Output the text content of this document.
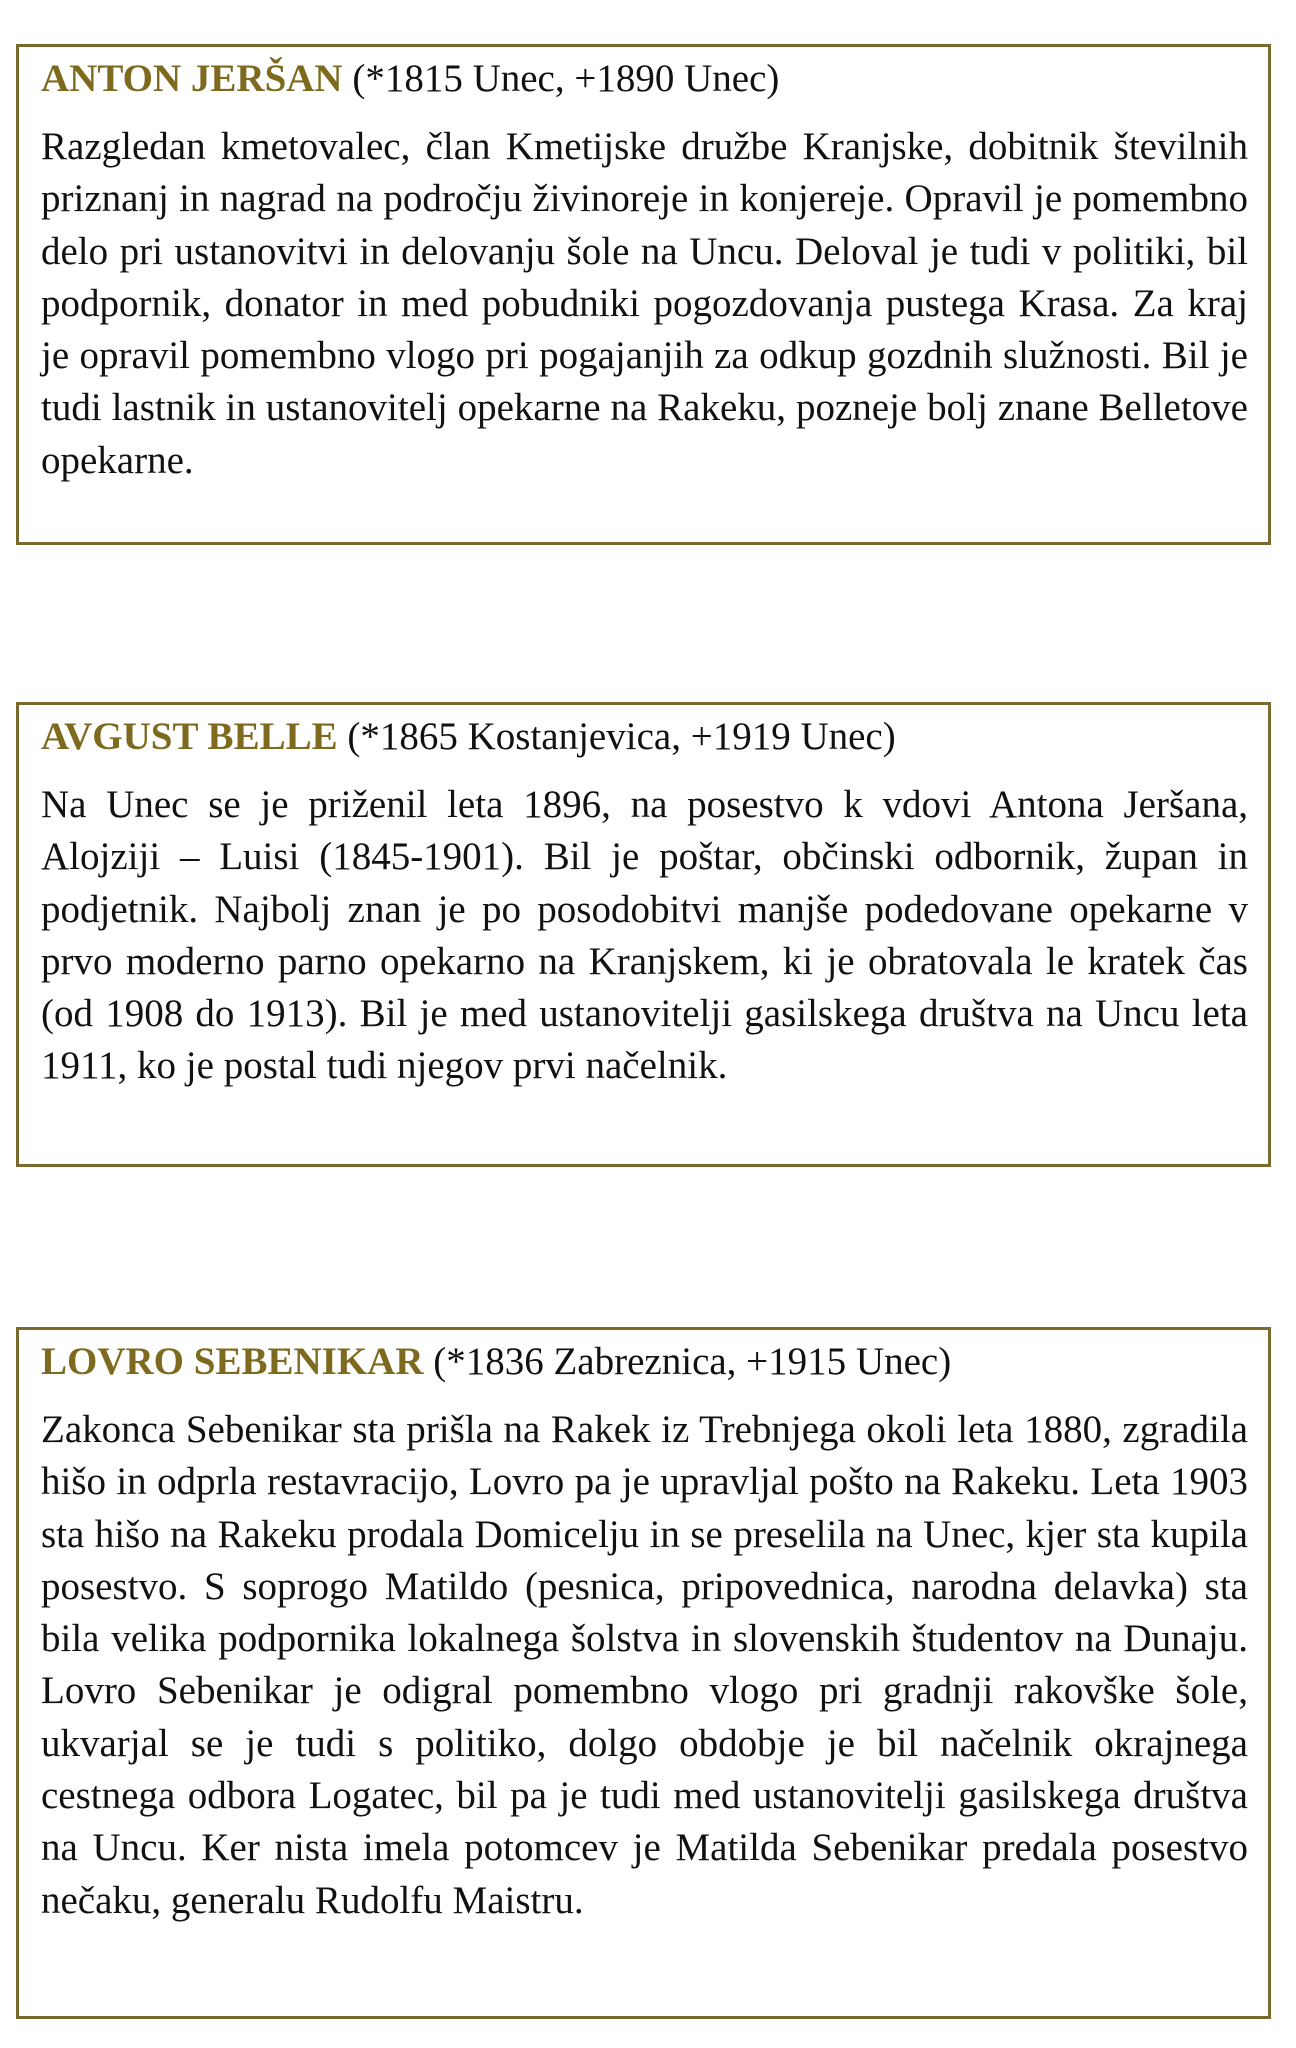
ANTON JERŠAN (*1815 Unec, +1890 Unec)

Razgledan kmetovalec, član Kmetijske družbe Kranjske, dobitnik številnih priznanj in nagrad na področju živinoreje in konjereje. Opravil je pomembno delo pri ustanovitvi in delovanju šole na Uncu. Deloval je tudi v politiki, bil podpornik, donator in med pobudniki pogozdovanja pustega Krasa. Za kraj je opravil pomembno vlogo pri pogajanjih za odkup gozdnih služnosti. Bil je tudi lastnik in ustanovitelj opekarne na Rakeku, pozneje bolj znane Belletove opekarne.

AVGUST BELLE (*1865 Kostanjevica, +1919 Unec)

Na Unec se je priženil leta 1896, na posestvo k vdovi Antona Jeršana, Alojziji – Luisi (1845-1901). Bil je poštar, občinski odbornik, župan in podjetnik. Najbolj znan je po posodobitvi manjše podedovane opekarne v prvo moderno parno opekarno na Kranjskem, ki je obratovala le kratek čas (od 1908 do 1913). Bil je med ustanovitelji gasilskega društva na Uncu leta 1911, ko je postal tudi njegov prvi načelnik.

LOVRO SEBENIKAR (*1836 Zabreznica, +1915 Unec)

Zakonca Sebenikar sta prišla na Rakek iz Trebnjega okoli leta 1880, zgradila hišo in odprla restavracijo, Lovro pa je upravljal pošto na Rakeku. Leta 1903 sta hišo na Rakeku prodala Domicelju in se preselila na Unec, kjer sta kupila posestvo. S soprogo Matildo (pesnica, pripovednica, narodna delavka) sta bila velika podpornika lokalnega šolstva in slovenskih študentov na Dunaju. Lovro Sebenikar je odigral pomembno vlogo pri gradnji rakovške šole, ukvarjal se je tudi s politiko, dolgo obdobje je bil načelnik okrajnega cestnega odbora Logatec, bil pa je tudi med ustanovitelji gasilskega društva na Uncu. Ker nista imela potomcev je Matilda Sebenikar predala posestvo nečaku, generalu Rudolfu Maistru.
